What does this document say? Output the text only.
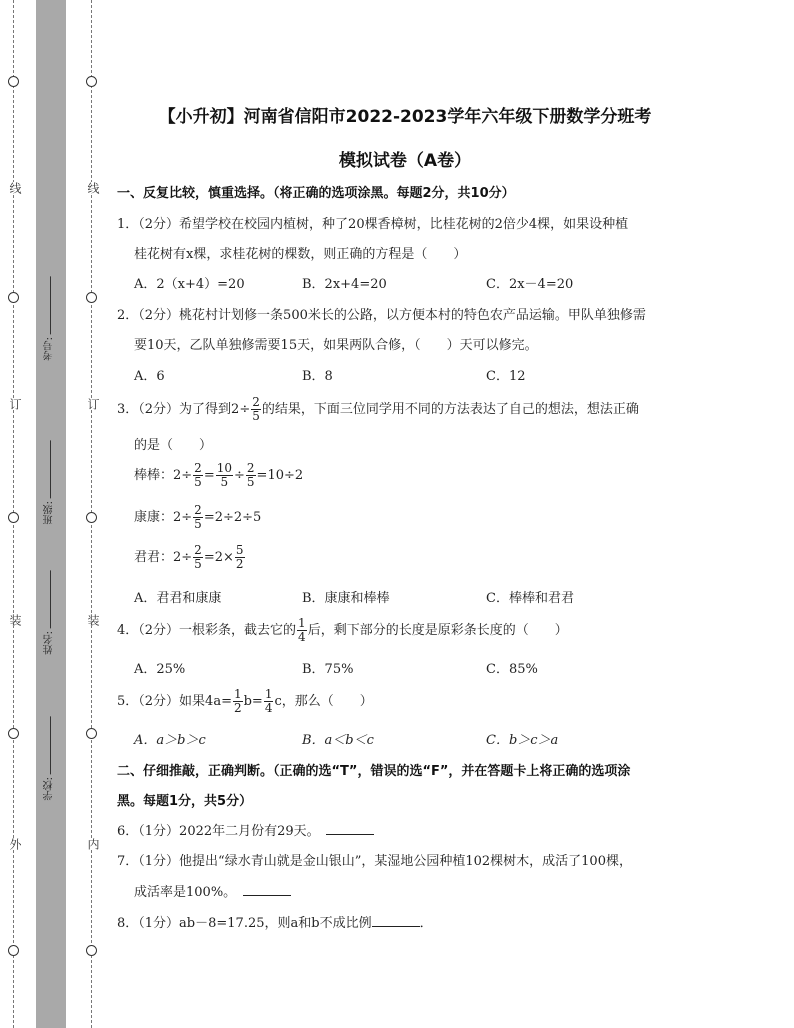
线
订
装
外
线
订
装
内
考号:
班级:
姓名:
学校:
【小升初】河南省信阳市2022-2023学年六年级下册数学分班考
模拟试卷（A卷）
一、反复比较，慎重选择。（将正确的选项涂黑。每题2分，共10分）
1．（2分）希望学校在校园内植树，种了20棵香樟树，比桂花树的2倍少4棵，如果设种植
桂花树有x棵，求桂花树的棵数，则正确的方程是（　　）
A．2（x+4）=20	B．2x+4=20	C．2x－4=20
2．（2分）桃花村计划修一条500米长的公路，以方便本村的特色农产品运输。甲队单独修需
要10天，乙队单独修需要15天，如果两队合修，（　　）天可以修完。
A．6	B．8	C．12
3．（2分）为了得到$2\div \frac{2}{5}$ 的结果，下面三位同学用不同的方法表达了自己的想法，想法正确
的是（　　）
棒棒：$2\div \frac{2}{5} = \frac{10}{5} \div \frac{2}{5} =10\div 2$
康康：$2\div \frac{2}{5} =2\div 2\div 5$
君君：$2\div \frac{2}{5} =2\times \frac{5}{2}$
A．君君和康康	B．康康和棒棒	C．棒棒和君君
4．（2分）一根彩条，截去它的 $\frac{1}{4}$ 后，剩下部分的长度是原彩条长度的（　　）
A．25%	B．75%	C．85%
5．（2分）如果$4a= \frac{1}{2} b= \frac{1}{4}$ c，那么（　　）
A．a＞b＞c	B．a＜b＜c	C．b＞c＞a
二、仔细推敲，正确判断。（正确的选“T”，错误的选“F”，并在答题卡上将正确的选项涂
黑。每题1分，共5分）
6．（1分）2022年二月份有29天。　
7．（1分）他提出“绿水青山就是金山银山”，某湿地公园种植102棵树木，成活了100棵，
成活率是100%。　
8．（1分）ab－8=17.25，则a和b不成比例	．
